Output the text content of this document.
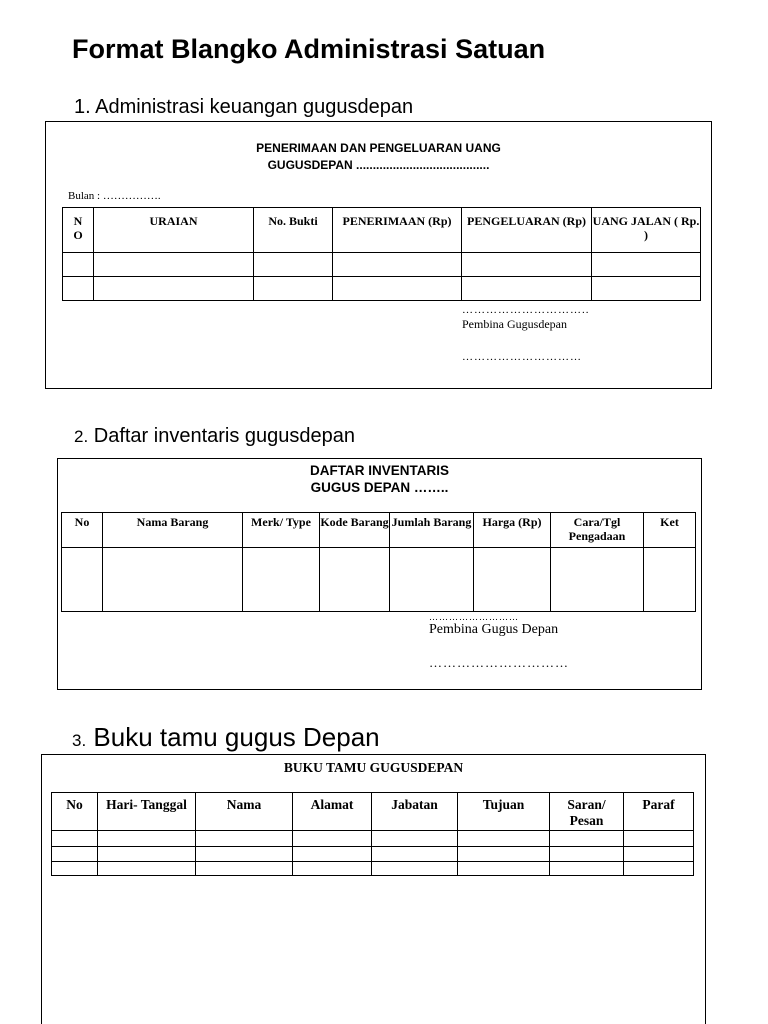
Format Blangko Administrasi Satuan
1. Administrasi keuangan gugusdepan
PENERIMAAN DAN PENGELUARAN UANG
GUGUSDEPAN ........................................
Bulan : …………….
N O	URAIAN	No. Bukti	PENERIMAAN (Rp)	PENGELUARAN (Rp)	UANG JALAN ( Rp. )

…………………………..
Pembina Gugusdepan
…………………………
2. Daftar inventaris gugusdepan
DAFTAR INVENTARIS
GUGUS DEPAN ……..
No	Nama Barang	Merk/ Type	Kode Barang	Jumlah Barang	Harga (Rp)	Cara/Tgl Pengadaan	Ket

………………………
Pembina Gugus Depan
…………………………
3. Buku tamu gugus Depan
BUKU TAMU GUGUSDEPAN
No	Hari- Tanggal	Nama	Alamat	Jabatan	Tujuan	Saran/ Pesan	Paraf
